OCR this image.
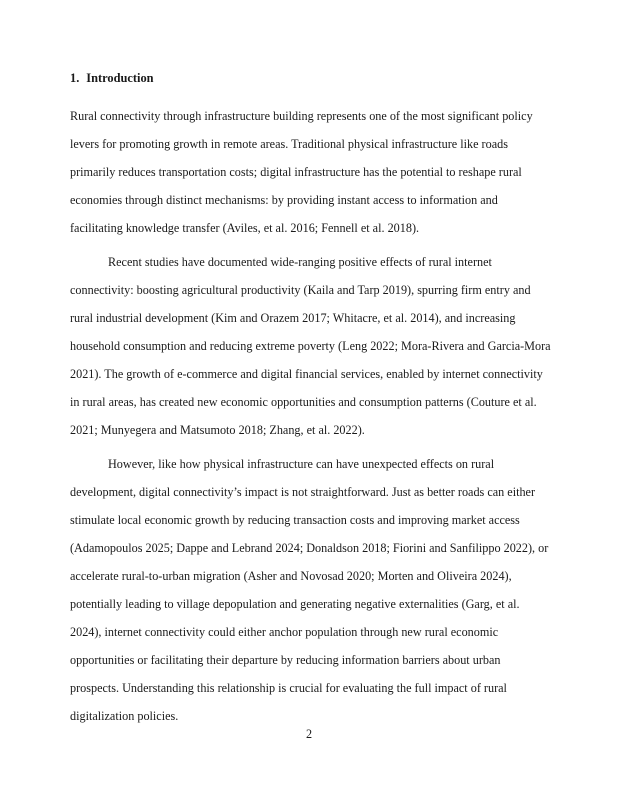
1. Introduction

Rural connectivity through infrastructure building represents one of the most significant policy levers for promoting growth in remote areas. Traditional physical infrastructure like roads primarily reduces transportation costs; digital infrastructure has the potential to reshape rural economies through distinct mechanisms: by providing instant access to information and facilitating knowledge transfer (Aviles, et al. 2016; Fennell et al. 2018).

Recent studies have documented wide-ranging positive effects of rural internet connectivity: boosting agricultural productivity (Kaila and Tarp 2019), spurring firm entry and rural industrial development (Kim and Orazem 2017; Whitacre, et al. 2014), and increasing household consumption and reducing extreme poverty (Leng 2022; Mora-Rivera and Garcia-Mora 2021). The growth of e-commerce and digital financial services, enabled by internet connectivity in rural areas, has created new economic opportunities and consumption patterns (Couture et al. 2021; Munyegera and Matsumoto 2018; Zhang, et al. 2022).

However, like how physical infrastructure can have unexpected effects on rural development, digital connectivity’s impact is not straightforward. Just as better roads can either stimulate local economic growth by reducing transaction costs and improving market access (Adamopoulos 2025; Dappe and Lebrand 2024; Donaldson 2018; Fiorini and Sanfilippo 2022), or accelerate rural-to-urban migration (Asher and Novosad 2020; Morten and Oliveira 2024), potentially leading to village depopulation and generating negative externalities (Garg, et al. 2024), internet connectivity could either anchor population through new rural economic opportunities or facilitating their departure by reducing information barriers about urban prospects. Understanding this relationship is crucial for evaluating the full impact of rural digitalization policies.

2
